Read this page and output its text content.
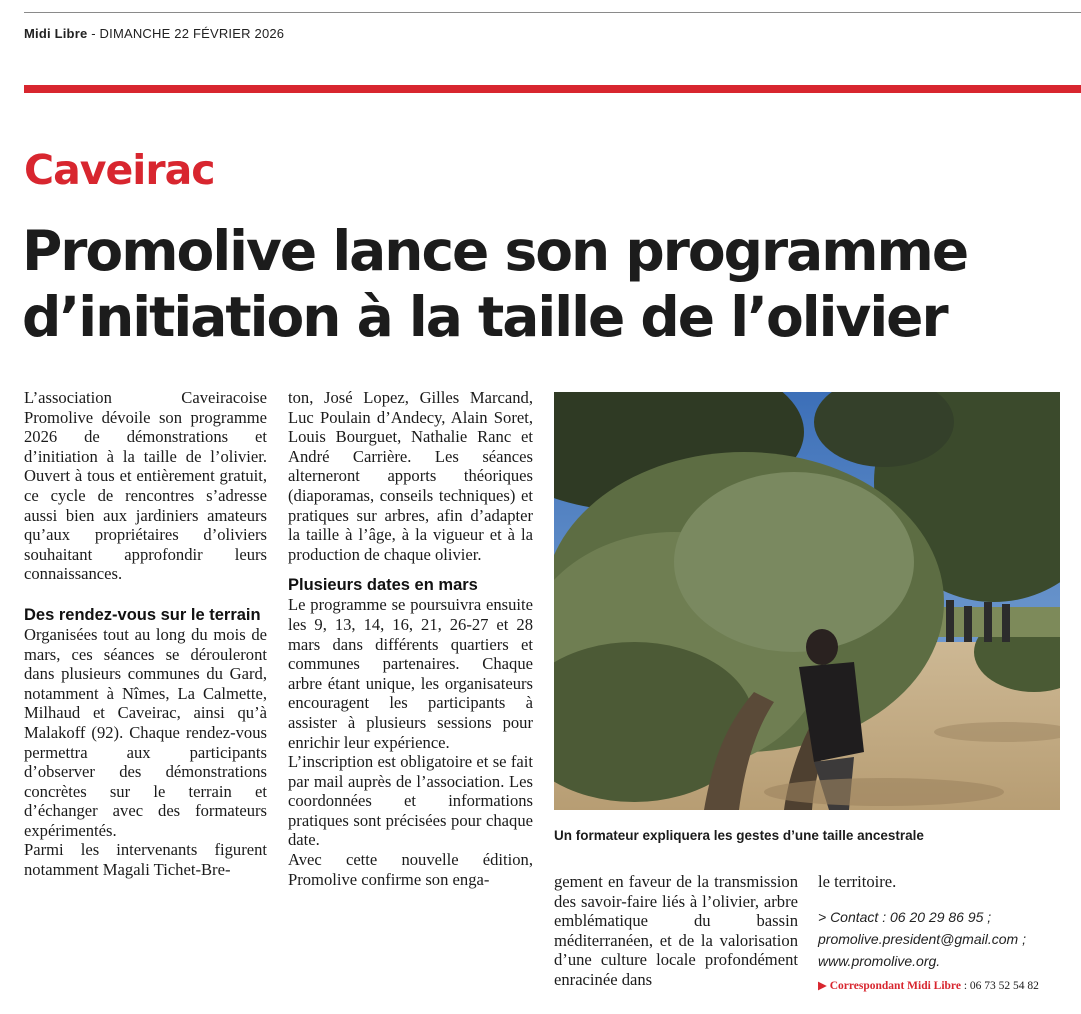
Midi Libre - DIMANCHE 22 FÉVRIER 2026
Caveirac
Promolive lance son programme d’initiation à la taille de l’olivier

L’association Caveiracoise Promolive dévoile son programme 2026 de démonstrations et d’initiation à la taille de l’olivier. Ouvert à tous et entièrement gratuit, ce cycle de rencontres s’adresse aussi bien aux jardiniers amateurs qu’aux propriétaires d’oliviers souhaitant approfondir leurs connaissances.

Des rendez-vous sur le terrain

Organisées tout au long du mois de mars, ces séances se dérouleront dans plusieurs communes du Gard, notamment à Nîmes, La Calmette, Milhaud et Caveirac, ainsi qu’à Malakoff (92). Chaque rendez-vous permettra aux participants d’observer des démonstrations concrètes sur le terrain et d’échanger avec des formateurs expérimentés.

Parmi les intervenants figurent notamment Magali Tichet-Bre-

ton, José Lopez, Gilles Marcand, Luc Poulain d’Andecy, Alain Soret, Louis Bourguet, Nathalie Ranc et André Carrière. Les séances alterneront apports théoriques (diaporamas, conseils techniques) et pratiques sur arbres, afin d’adapter la taille à l’âge, à la vigueur et à la production de chaque olivier.

Plusieurs dates en mars

Le programme se poursuivra ensuite les 9, 13, 14, 16, 21, 26-27 et 28 mars dans différents quartiers et communes partenaires. Chaque arbre étant unique, les organisateurs encouragent les participants à assister à plusieurs sessions pour enrichir leur expérience.

L’inscription est obligatoire et se fait par mail auprès de l’association. Les coordonnées et informations pratiques sont précisées pour chaque date.

Avec cette nouvelle édition, Promolive confirme son enga-

Un formateur expliquera les gestes d’une taille ancestrale

gement en faveur de la transmission des savoir-faire liés à l’olivier, arbre emblématique du bassin méditerranéen, et de la valorisation d’une culture locale profondément enracinée dans

le territoire.

> Contact : 06 20 29 86 95 ;
promolive.president@gmail.com ;
www.promolive.org.
▶ Correspondant Midi Libre : 06 73 52 54 82
